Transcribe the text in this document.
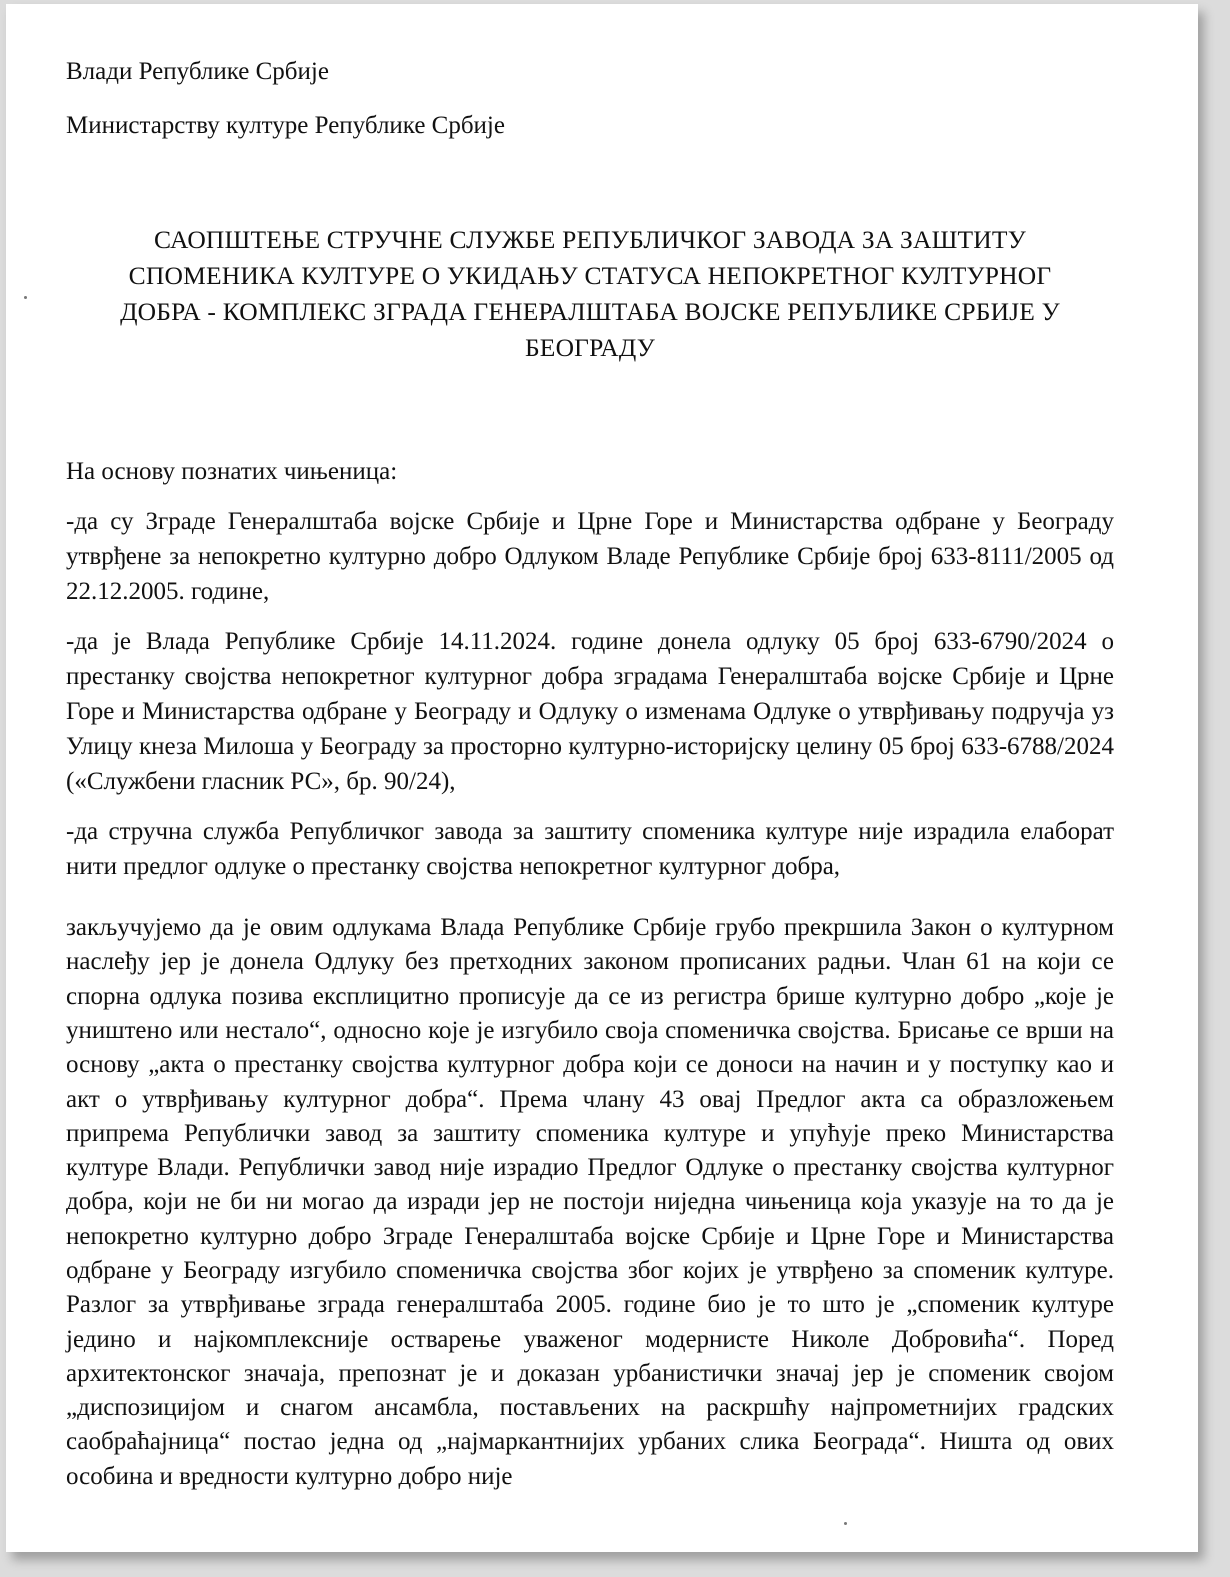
Влади Републике Србије

Министарству културе Републике Србије

САОПШТЕЊЕ СТРУЧНЕ СЛУЖБЕ РЕПУБЛИЧКОГ ЗАВОДА ЗА ЗАШТИТУ
СПОМЕНИКА КУЛТУРЕ О УКИДАЊУ СТАТУСА НЕПОКРЕТНОГ КУЛТУРНОГ
ДОБРА - КОМПЛЕКС ЗГРАДА ГЕНЕРАЛШТАБА ВОЈСКЕ РЕПУБЛИКЕ СРБИЈЕ У
БЕОГРАДУ

На основу познатих чињеница:

-да су Зграде Генералштаба војске Србије и Црне Горе и Министарства одбране у Београду утврђене за непокретно културно добро Одлуком Владе Републике Србије број 633-8111/2005 од 22.12.2005. године,

-да је Влада Републике Србије 14.11.2024. године донела одлуку 05 број 633-6790/2024 о престанку својства непокретног културног добра зградама Генералштаба војске Србије и Црне Горе и Министарства одбране у Београду и Одлуку о изменама Одлуке о утврђивању подручја уз Улицу кнеза Милоша у Београду за просторно културно-историјску целину 05 број 633-6788/2024 («Службени гласник РС», бр. 90/24),

-да стручна служба Републичког завода за заштиту споменика културе није израдила елаборат нити предлог одлуке о престанку својства непокретног културног добра,

закључујемо да је овим одлукама Влада Републике Србије грубо прекршила Закон о културном наслеђу јер је донела Одлуку без претходних законом прописаних радњи. Члан 61 на који се спорна одлука позива експлицитно прописује да се из регистра брише културно добро „које је уништено или нестало“, односно које је изгубило своја споменичка својства. Брисање се врши на основу „акта о престанку својства културног добра који се доноси на начин и у поступку као и акт о утврђивању културног добра“. Према члану 43 овај Предлог акта са образложењем припрема Републички завод за заштиту споменика културе и упућује преко Министарства културе Влади. Републички завод није израдио Предлог Одлуке о престанку својства културног добра, који не би ни могао да изради јер не постоји ниједна чињеница која указује на то да је непокретно културно добро Зграде Генералштаба војске Србије и Црне Горе и Министарства одбране у Београду изгубило споменичка својства због којих је утврђено за споменик културе. Разлог за утврђивање зграда генералштаба 2005. године био је то што је „споменик културе једино и најкомплексније остварење уваженог модернисте Николе Добровића“. Поред архитектонског значаја, препознат је и доказан урбанистички значај јер је споменик својом „диспозицијом и снагом ансамбла, постављених на раскршћу најпрометнијих градских саобраћајница“ постао једна од „најмаркантнијих урбаних слика Београда“. Ништа од ових особина и вредности културно добро није
